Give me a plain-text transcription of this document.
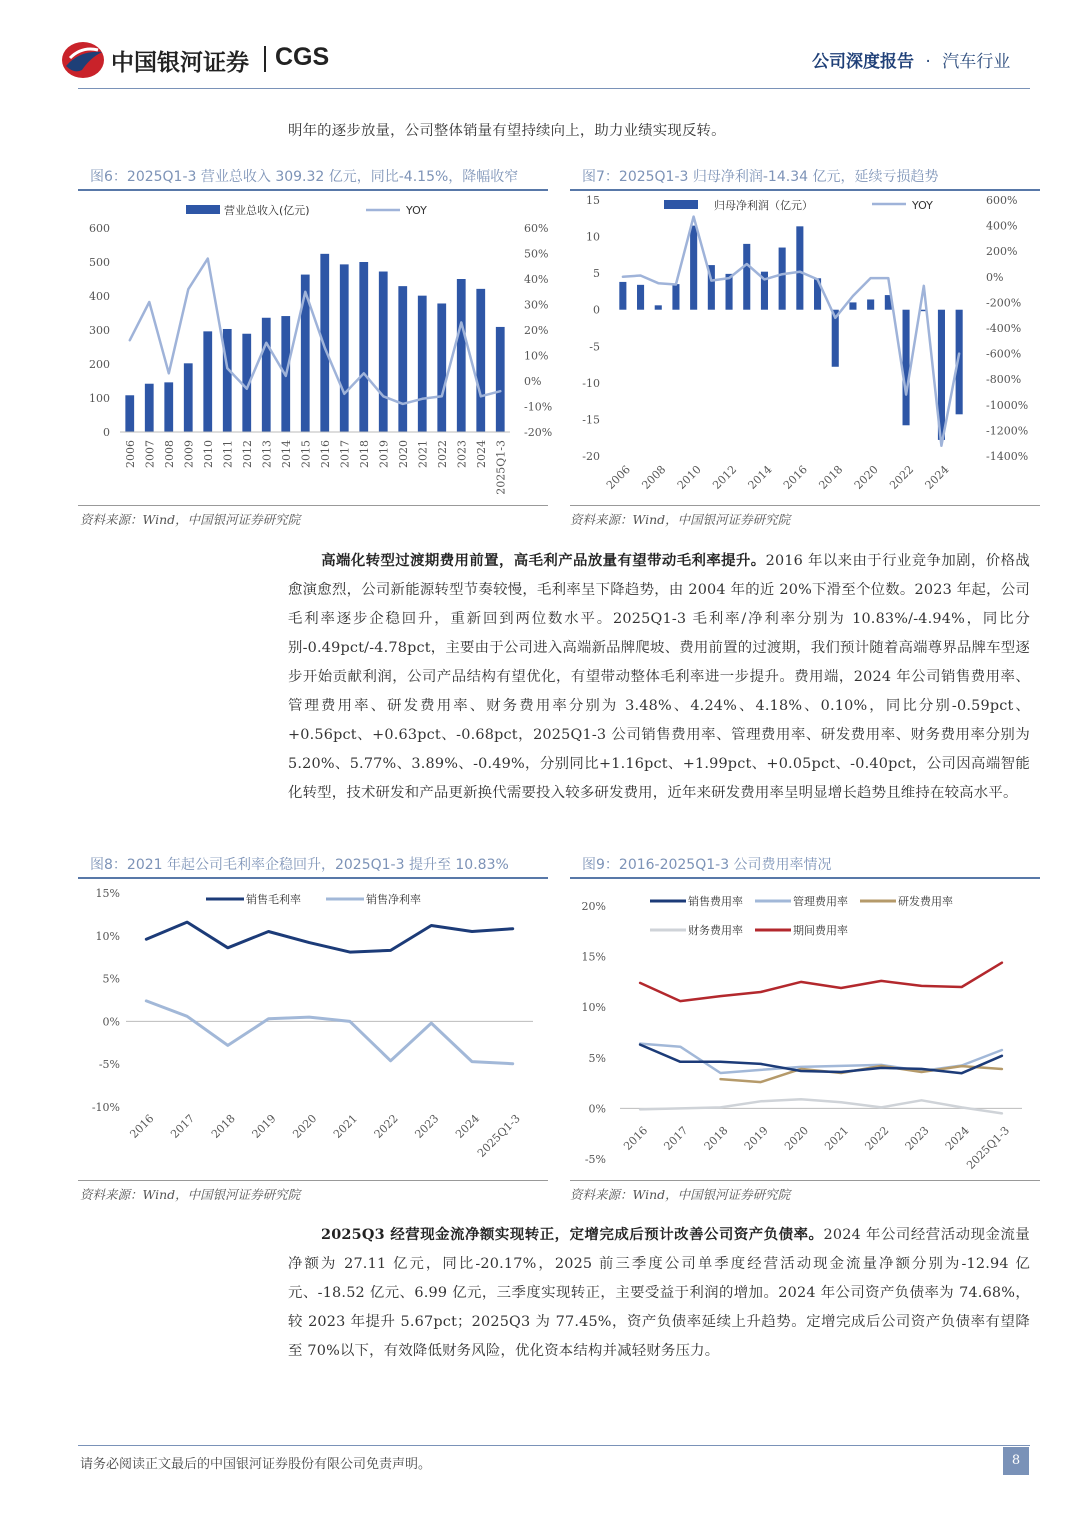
中国银河证券 CGS	公司深度报告 · 汽车行业
明年的逐步放量，公司整体销量有望持续向上，助力业绩实现反转。
图6：2025Q1-3 营业总收入 309.32 亿元，同比-4.15%，降幅收窄
600
500
400
300
200
100
0
60%
50%
40%
30%
20%
10%
0%
-10%
-20%
2006 2007 2008 2009 2010 2011 2012 2013 2014 2015 2016 2017 2018 2019 2020 2021 2022 2023 2024 2025Q1-3
营业总收入(亿元)	YOY
资料来源：Wind，中国银河证券研究院
图7：2025Q1-3 归母净利润-14.34 亿元，延续亏损趋势
15
10
5
0
-5
-10
-15
-20
600%
400%
200%
0%
-200%
-400%
-600%
-800%
-1000%
-1200%
-1400%
2006 2008 2010 2012 2014 2016 2018 2020 2022 2024
归母净利润（亿元）	YOY
资料来源：Wind，中国银河证券研究院
高端化转型过渡期费用前置，高毛利产品放量有望带动毛利率提升。2016 年以来由于行业竞争加剧，价格战愈演愈烈，公司新能源转型节奏较慢，毛利率呈下降趋势，由 2004 年的近 20%下滑至个位数。2023 年起，公司毛利率逐步企稳回升，重新回到两位数水平。2025Q1-3 毛利率/净利率分别为 10.83%/-4.94%，同比分别-0.49pct/-4.78pct，主要由于公司进入高端新品牌爬坡、费用前置的过渡期，我们预计随着高端尊界品牌车型逐步开始贡献利润，公司产品结构有望优化，有望带动整体毛利率进一步提升。费用端，2024 年公司销售费用率、管理费用率、研发费用率、财务费用率分别为 3.48%、4.24%、4.18%、0.10%，同比分别-0.59pct、+0.56pct、+0.63pct、-0.68pct，2025Q1-3 公司销售费用率、管理费用率、研发费用率、财务费用率分别为 5.20%、5.77%、3.89%、-0.49%，分别同比+1.16pct、+1.99pct、+0.05pct、-0.40pct，公司因高端智能化转型，技术研发和产品更新换代需要投入较多研发费用，近年来研发费用率呈明显增长趋势且维持在较高水平。
图8：2021 年起公司毛利率企稳回升，2025Q1-3 提升至 10.83%
15%
10%
5%
0%
-5%
-10%
2016 2017 2018 2019 2020 2021 2022 2023 2024
2025Q1-3
销售毛利率	销售净利率
资料来源：Wind，中国银河证券研究院
图9：2016-2025Q1-3 公司费用率情况
20%
15%
10%
5%
0%
-5%
2016 2017 2018 2019 2020 2021 2022 2023 2024
2025Q1-3
销售费用率	管理费用率	研发费用率
财务费用率	期间费用率
资料来源：Wind，中国银河证券研究院
2025Q3 经营现金流净额实现转正，定增完成后预计改善公司资产负债率。2024 年公司经营活动现金流量净额为 27.11 亿元，同比-20.17%，2025 前三季度公司单季度经营活动现金流量净额分别为-12.94 亿元、-18.52 亿元、6.99 亿元，三季度实现转正，主要受益于利润的增加。2024 年公司资产负债率为 74.68%，较 2023 年提升 5.67pct；2025Q3 为 77.45%，资产负债率延续上升趋势。定增完成后公司资产负债率有望降至 70%以下，有效降低财务风险，优化资本结构并减轻财务压力。
请务必阅读正文最后的中国银河证券股份有限公司免责声明。	8
